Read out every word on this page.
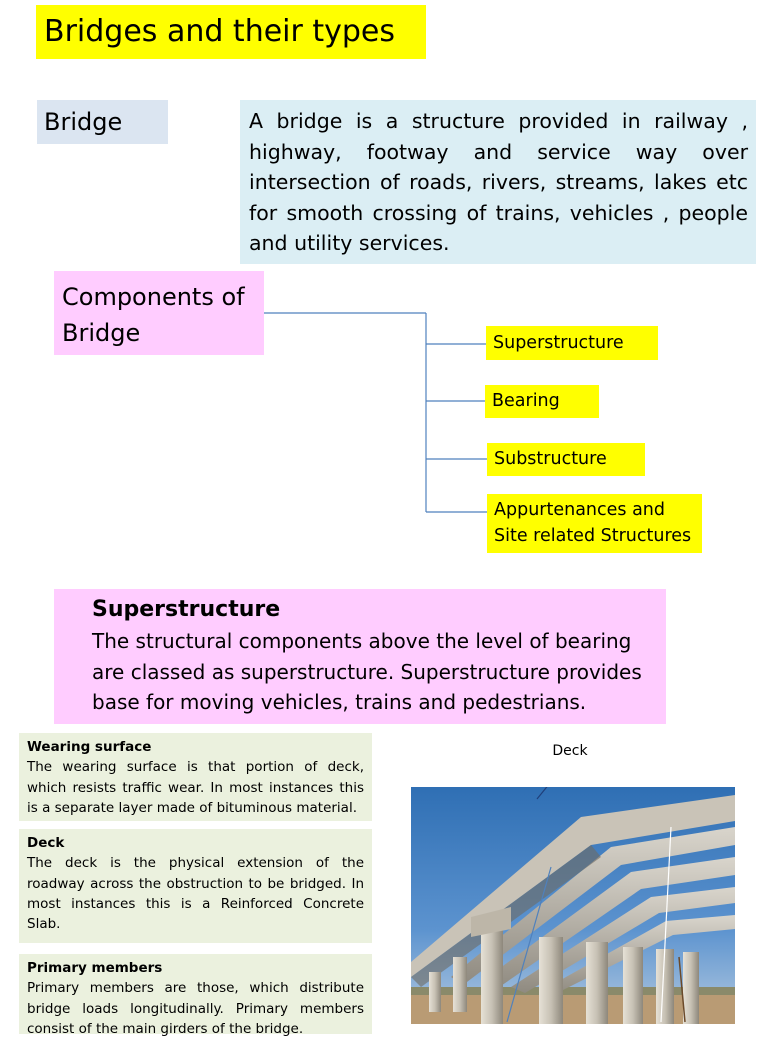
Bridges and their types
Bridge	A bridge is a structure provided in railway , highway, footway and service way over intersection of roads, rivers, streams, lakes etc for smooth crossing of trains, vehicles , people and utility services.
Components of Bridge	Superstructure
Bearing
Substructure
Appurtenances and Site related Structures
Superstructure
The structural components above the level of bearing are classed as superstructure. Superstructure provides base for moving vehicles, trains and pedestrians.
Wearing surface
The wearing surface is that portion of deck, which resists traffic wear. In most instances this is a separate layer made of bituminous material.
Deck
The deck is the physical extension of the roadway across the obstruction to be bridged. In most instances this is a Reinforced Concrete Slab.
Primary members
Primary members are those, which distribute bridge loads longitudinally. Primary members consist of the main girders of the bridge.
Deck
